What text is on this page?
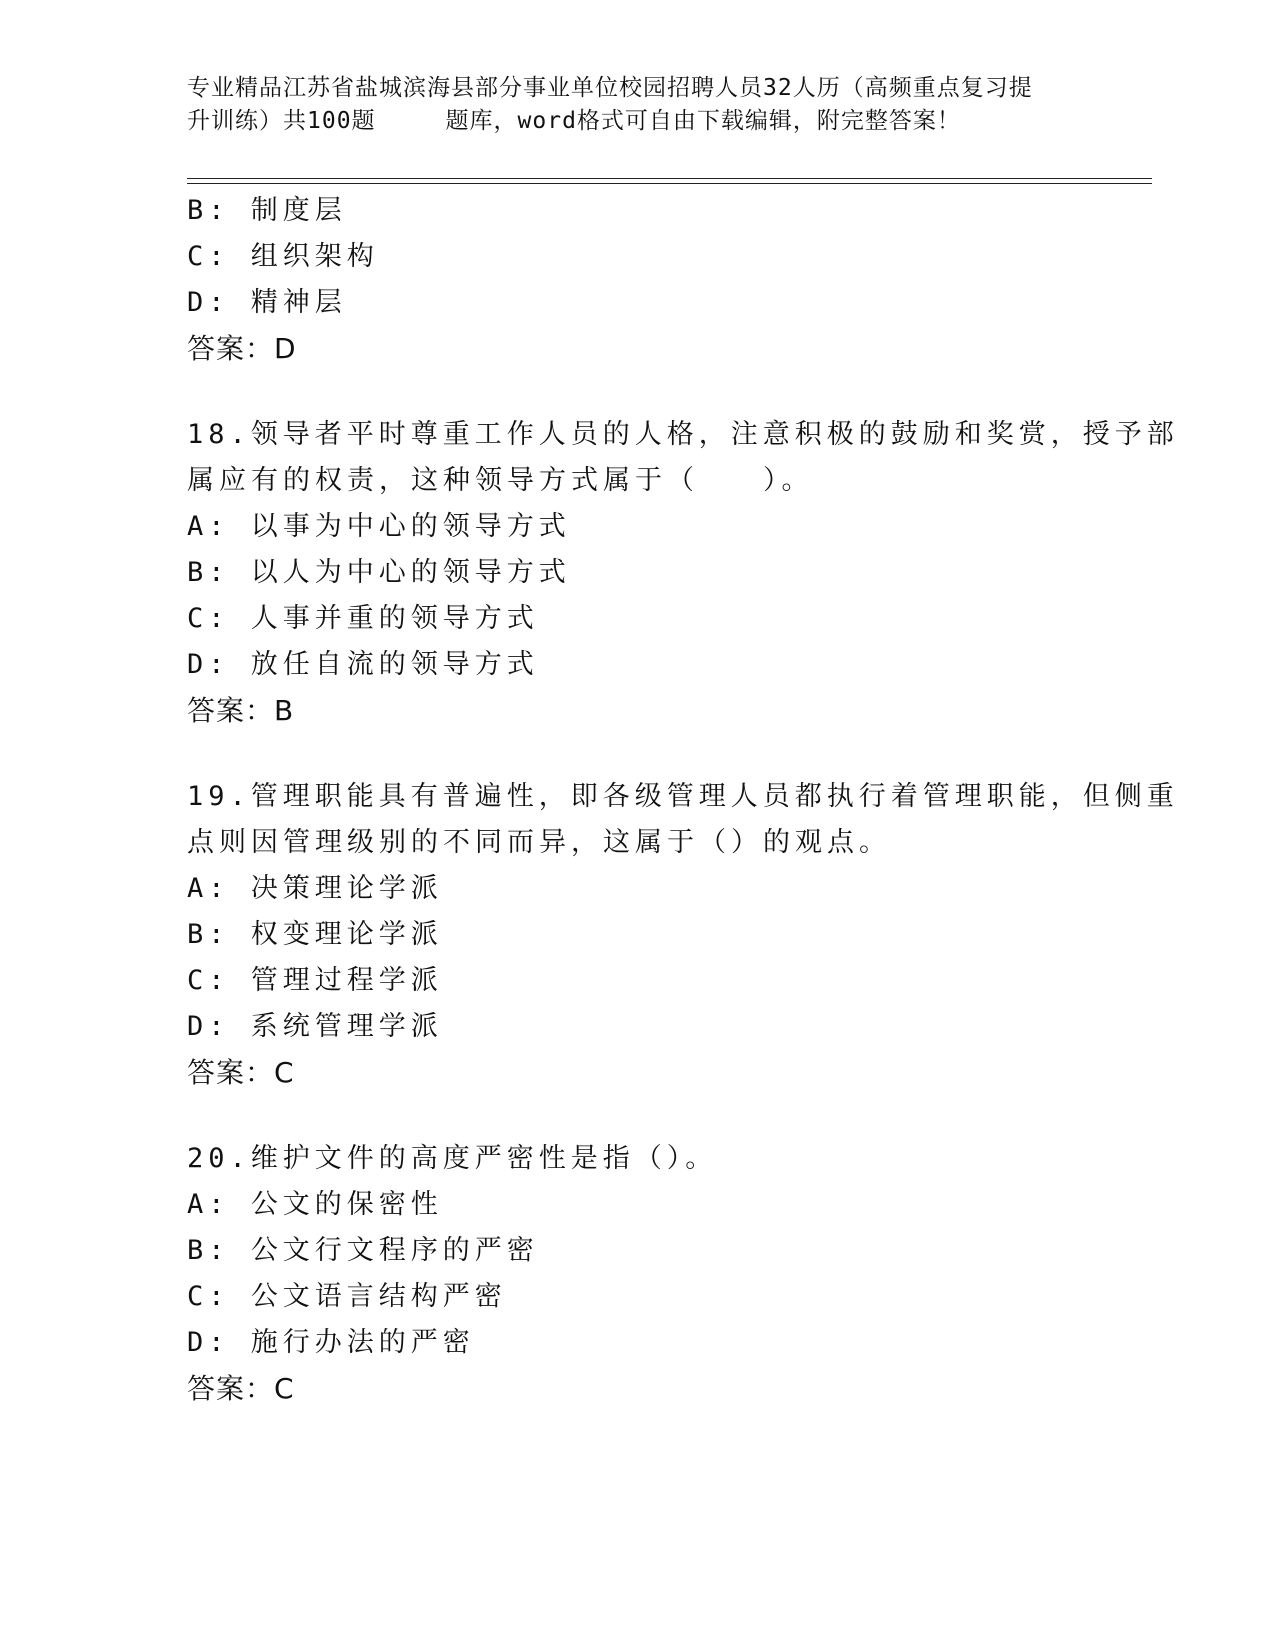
专业精品江苏省盐城滨海县部分事业单位校园招聘人员32人历（高频重点复习提
升训练）共100题	题库，word格式可自由下载编辑，附完整答案！
B: 制度层
C: 组织架构
D: 精神层
答案：D
18.领导者平时尊重工作人员的人格，注意积极的鼓励和奖赏，授予部
属应有的权责，这种领导方式属于（　　）。
A: 以事为中心的领导方式
B: 以人为中心的领导方式
C: 人事并重的领导方式
D: 放任自流的领导方式
答案：B
19.管理职能具有普遍性，即各级管理人员都执行着管理职能，但侧重
点则因管理级别的不同而异，这属于（）的观点。
A: 决策理论学派
B: 权变理论学派
C: 管理过程学派
D: 系统管理学派
答案：C
20.维护文件的高度严密性是指（）。
A: 公文的保密性
B: 公文行文程序的严密
C: 公文语言结构严密
D: 施行办法的严密
答案：C
